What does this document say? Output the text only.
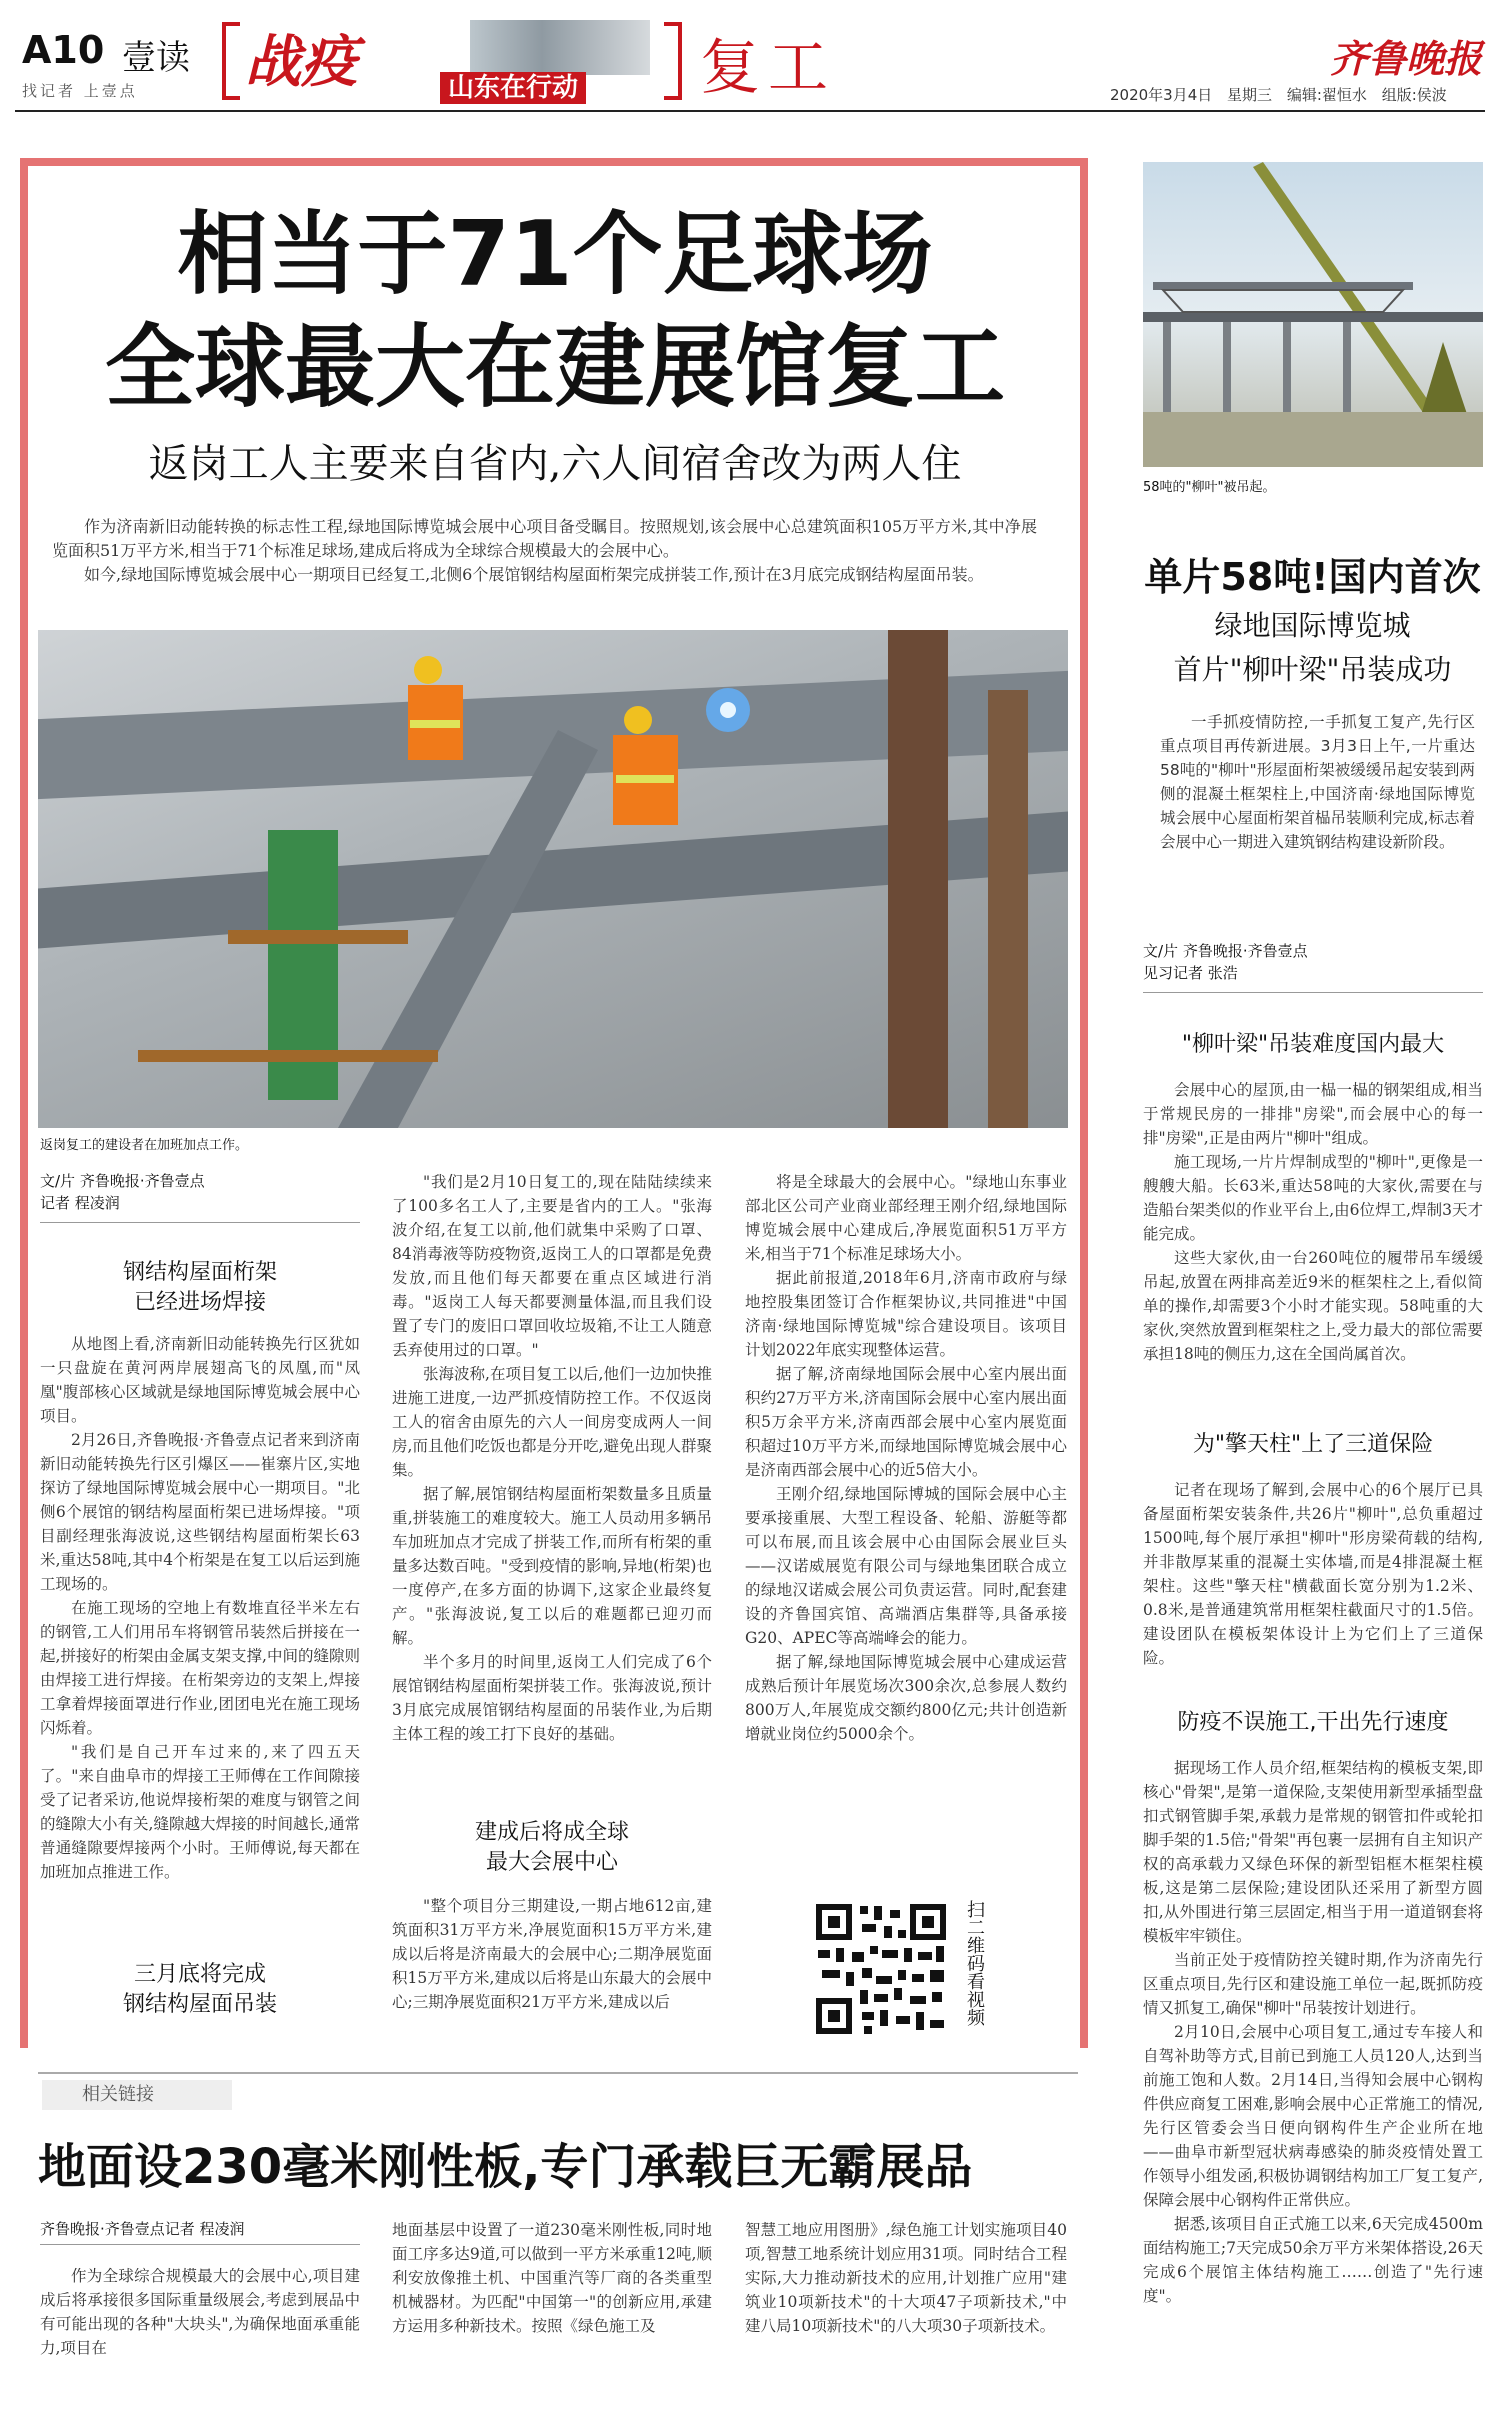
A10 壹读
找记者 上壹点 战疫	山东在行动 复工	齐鲁晚报
2020年3月4日 星期三 编辑:翟恒水 组版:侯波
相当于71个足球场
全球最大在建展馆复工
返岗工人主要来自省内,六人间宿舍改为两人住

作为济南新旧动能转换的标志性工程,绿地国际博览城会展中心项目备受瞩目。按照规划,该会展中心总建筑面积105万平方米,其中净展览面积51万平方米,相当于71个标准足球场,建成后将成为全球综合规模最大的会展中心。

如今,绿地国际博览城会展中心一期项目已经复工,北侧6个展馆钢结构屋面桁架完成拼装工作,预计在3月底完成钢结构屋面吊装。

返岗复工的建设者在加班加点工作。
文/片 齐鲁晚报·齐鲁壹点
记者 程凌润
钢结构屋面桁架
已经进场焊接

从地图上看,济南新旧动能转换先行区犹如一只盘旋在黄河两岸展翅高飞的凤凰,而"凤凰"腹部核心区域就是绿地国际博览城会展中心项目。

2月26日,齐鲁晚报·齐鲁壹点记者来到济南新旧动能转换先行区引爆区——崔寨片区,实地探访了绿地国际博览城会展中心一期项目。"北侧6个展馆的钢结构屋面桁架已进场焊接。"项目副经理张海波说,这些钢结构屋面桁架长63米,重达58吨,其中4个桁架是在复工以后运到施工现场的。

在施工现场的空地上有数堆直径半米左右的钢管,工人们用吊车将钢管吊装然后拼接在一起,拼接好的桁架由金属支架支撑,中间的缝隙则由焊接工进行焊接。在桁架旁边的支架上,焊接工拿着焊接面罩进行作业,团团电光在施工现场闪烁着。

"我们是自己开车过来的,来了四五天了。"来自曲阜市的焊接工王师傅在工作间隙接受了记者采访,他说焊接桁架的难度与钢管之间的缝隙大小有关,缝隙越大焊接的时间越长,通常普通缝隙要焊接两个小时。王师傅说,每天都在加班加点推进工作。

三月底将完成
钢结构屋面吊装

"我们是2月10日复工的,现在陆陆续续来了100多名工人了,主要是省内的工人。"张海波介绍,在复工以前,他们就集中采购了口罩、84消毒液等防疫物资,返岗工人的口罩都是免费发放,而且他们每天都要在重点区域进行消毒。"返岗工人每天都要测量体温,而且我们设置了专门的废旧口罩回收垃圾箱,不让工人随意丢弃使用过的口罩。"

张海波称,在项目复工以后,他们一边加快推进施工进度,一边严抓疫情防控工作。不仅返岗工人的宿舍由原先的六人一间房变成两人一间房,而且他们吃饭也都是分开吃,避免出现人群聚集。

据了解,展馆钢结构屋面桁架数量多且质量重,拼装施工的难度较大。施工人员动用多辆吊车加班加点才完成了拼装工作,而所有桁架的重量多达数百吨。"受到疫情的影响,异地(桁架)也一度停产,在多方面的协调下,这家企业最终复产。"张海波说,复工以后的难题都已迎刃而解。

半个多月的时间里,返岗工人们完成了6个展馆钢结构屋面桁架拼装工作。张海波说,预计3月底完成展馆钢结构屋面的吊装作业,为后期主体工程的竣工打下良好的基础。

建成后将成全球
最大会展中心

"整个项目分三期建设,一期占地612亩,建筑面积31万平方米,净展览面积15万平方米,建成以后将是济南最大的会展中心;二期净展览面积15万平方米,建成以后将是山东最大的会展中心;三期净展览面积21万平方米,建成以后

将是全球最大的会展中心。"绿地山东事业部北区公司产业商业部经理王刚介绍,绿地国际博览城会展中心建成后,净展览面积51万平方米,相当于71个标准足球场大小。

据此前报道,2018年6月,济南市政府与绿地控股集团签订合作框架协议,共同推进"中国济南·绿地国际博览城"综合建设项目。该项目计划2022年底实现整体运营。

据了解,济南绿地国际会展中心室内展出面积约27万平方米,济南国际会展中心室内展出面积5万余平方米,济南西部会展中心室内展览面积超过10万平方米,而绿地国际博览城会展中心是济南西部会展中心的近5倍大小。

王刚介绍,绿地国际博城的国际会展中心主要承接重展、大型工程设备、轮船、游艇等都可以布展,而且该会展中心由国际会展业巨头——汉诺威展览有限公司与绿地集团联合成立的绿地汉诺威会展公司负责运营。同时,配套建设的齐鲁国宾馆、高端酒店集群等,具备承接G20、APEC等高端峰会的能力。

据了解,绿地国际博览城会展中心建成运营成熟后预计年展览场次300余次,总参展人数约800万人,年展览成交额约800亿元;共计创造新增就业岗位约5000余个。

扫二维码看视频
相关链接
地面设230毫米刚性板,专门承载巨无霸展品
齐鲁晚报·齐鲁壹点记者 程凌润

作为全球综合规模最大的会展中心,项目建成后将承接很多国际重量级展会,考虑到展品中有可能出现的各种"大块头",为确保地面承重能力,项目在

地面基层中设置了一道230毫米刚性板,同时地面工序多达9道,可以做到一平方米承重12吨,顺利安放像推土机、中国重汽等厂商的各类重型机械器材。为匹配"中国第一"的创新应用,承建方运用多种新技术。按照《绿色施工及

智慧工地应用图册》,绿色施工计划实施项目40项,智慧工地系统计划应用31项。同时结合工程实际,大力推动新技术的应用,计划推广应用"建筑业10项新技术"的十大项47子项新技术,"中建八局10项新技术"的八大项30子项新技术。

58吨的"柳叶"被吊起。
单片58吨!国内首次
绿地国际博览城
首片"柳叶梁"吊装成功

一手抓疫情防控,一手抓复工复产,先行区重点项目再传新进展。3月3日上午,一片重达58吨的"柳叶"形屋面桁架被缓缓吊起安装到两侧的混凝土框架柱上,中国济南·绿地国际博览城会展中心屋面桁架首榀吊装顺利完成,标志着会展中心一期进入建筑钢结构建设新阶段。

文/片 齐鲁晚报·齐鲁壹点
见习记者 张浩
"柳叶梁"吊装难度国内最大

会展中心的屋顶,由一榀一榀的钢架组成,相当于常规民房的一排排"房梁",而会展中心的每一排"房梁",正是由两片"柳叶"组成。

施工现场,一片片焊制成型的"柳叶",更像是一艘艘大船。长63米,重达58吨的大家伙,需要在与造船台架类似的作业平台上,由6位焊工,焊制3天才能完成。

这些大家伙,由一台260吨位的履带吊车缓缓吊起,放置在两排高差近9米的框架柱之上,看似简单的操作,却需要3个小时才能实现。58吨重的大家伙,突然放置到框架柱之上,受力最大的部位需要承担18吨的侧压力,这在全国尚属首次。

为"擎天柱"上了三道保险

记者在现场了解到,会展中心的6个展厅已具备屋面桁架安装条件,共26片"柳叶",总负重超过1500吨,每个展厅承担"柳叶"形房梁荷载的结构,并非散厚某重的混凝土实体墙,而是4排混凝土框架柱。这些"擎天柱"横截面长宽分别为1.2米、0.8米,是普通建筑常用框架柱截面尺寸的1.5倍。建设团队在模板架体设计上为它们上了三道保险。

防疫不误施工,干出先行速度

据现场工作人员介绍,框架结构的模板支架,即核心"骨架",是第一道保险,支架使用新型承插型盘扣式钢管脚手架,承载力是常规的钢管扣件或轮扣脚手架的1.5倍;"骨架"再包裹一层拥有自主知识产权的高承载力又绿色环保的新型铝框木框架柱模板,这是第二层保险;建设团队还采用了新型方圆扣,从外围进行第三层固定,相当于用一道道钢套将模板牢牢锁住。

当前正处于疫情防控关键时期,作为济南先行区重点项目,先行区和建设施工单位一起,既抓防疫情又抓复工,确保"柳叶"吊装按计划进行。

2月10日,会展中心项目复工,通过专车接人和自驾补助等方式,目前已到施工人员120人,达到当前施工饱和人数。2月14日,当得知会展中心钢构件供应商复工困难,影响会展中心正常施工的情况,先行区管委会当日便向钢构件生产企业所在地——曲阜市新型冠状病毒感染的肺炎疫情处置工作领导小组发函,积极协调钢结构加工厂复工复产,保障会展中心钢构件正常供应。

据悉,该项目自正式施工以来,6天完成4500m面结构施工;7天完成50余万平方米架体搭设,26天完成6个展馆主体结构施工……创造了"先行速度"。
